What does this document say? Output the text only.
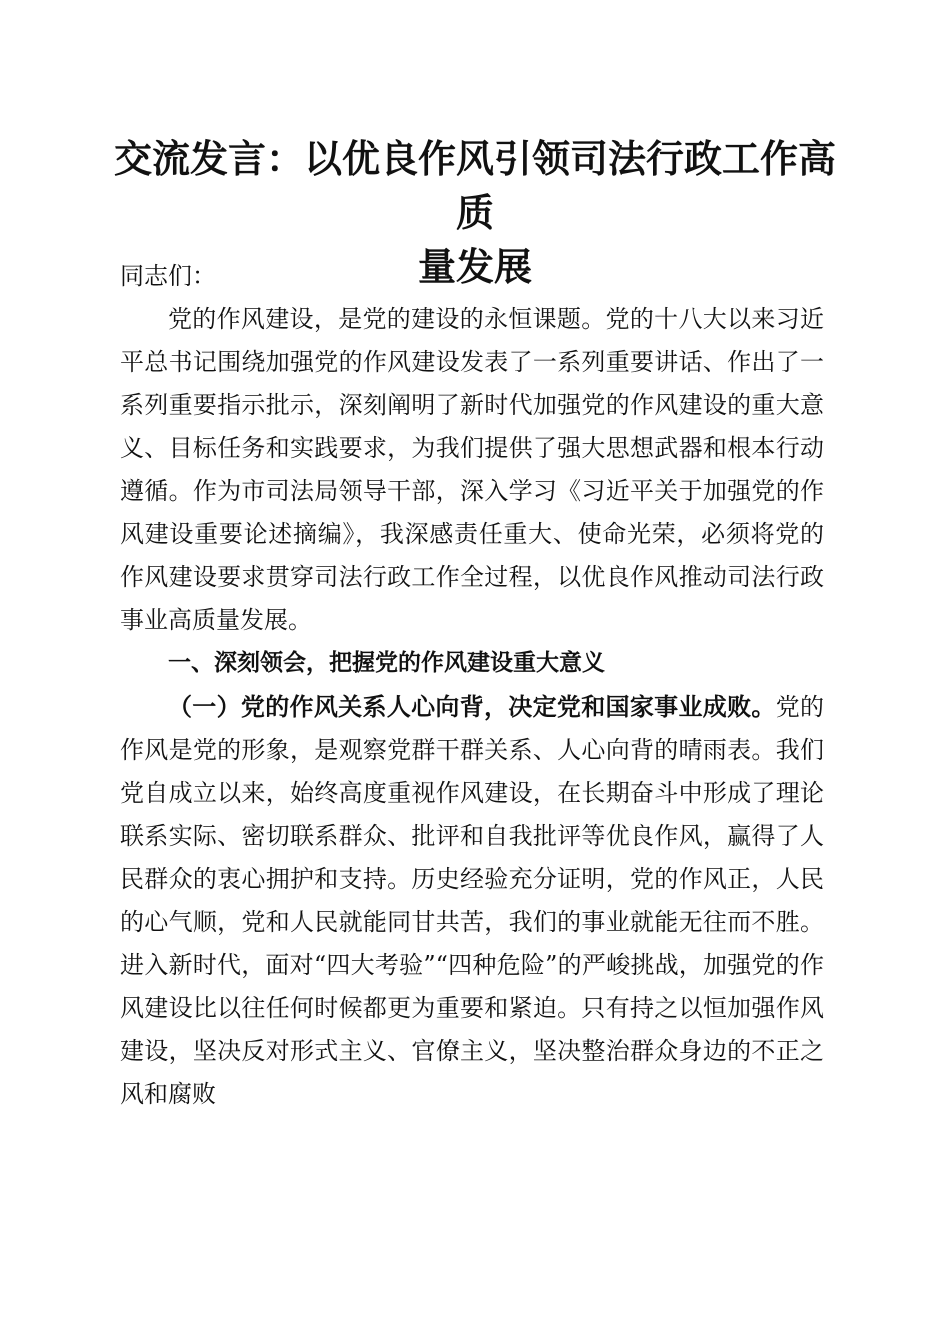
交流发言：以优良作风引领司法行政工作高质
量发展

同志们：

党的作风建设，是党的建设的永恒课题。党的十八大以来习近平总书记围绕加强党的作风建设发表了一系列重要讲话、作出了一系列重要指示批示，深刻阐明了新时代加强党的作风建设的重大意义、目标任务和实践要求，为我们提供了强大思想武器和根本行动遵循。作为市司法局领导干部，深入学习《习近平关于加强党的作风建设重要论述摘编》，我深感责任重大、使命光荣，必须将党的作风建设要求贯穿司法行政工作全过程，以优良作风推动司法行政事业高质量发展。

一、深刻领会，把握党的作风建设重大意义

（一）党的作风关系人心向背，决定党和国家事业成败。党的作风是党的形象，是观察党群干群关系、人心向背的晴雨表。我们党自成立以来，始终高度重视作风建设，在长期奋斗中形成了理论联系实际、密切联系群众、批评和自我批评等优良作风，赢得了人民群众的衷心拥护和支持。历史经验充分证明，党的作风正，人民的心气顺，党和人民就能同甘共苦，我们的事业就能无往而不胜。进入新时代，面对“四大考验”“四种危险”的严峻挑战，加强党的作风建设比以往任何时候都更为重要和紧迫。只有持之以恒加强作风建设，坚决反对形式主义、官僚主义，坚决整治群众身边的不正之风和腐败
